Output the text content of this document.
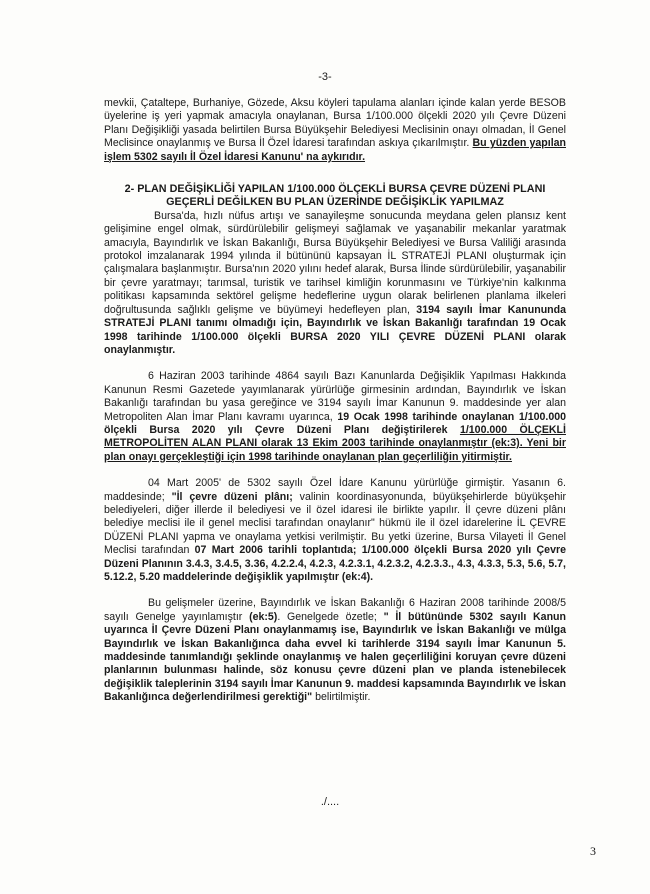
-3-

mevkii, Çataltepe, Burhaniye, Gözede, Aksu köyleri tapulama alanları içinde kalan yerde BESOB üyelerine iş yeri yapmak amacıyla onaylanan, Bursa 1/100.000 ölçekli 2020 yılı Çevre Düzeni Planı Değişikliği yasada belirtilen Bursa Büyükşehir Belediyesi Meclisinin onayı olmadan, İl Genel Meclisince onaylanmış ve Bursa İl Özel İdaresi tarafından askıya çıkarılmıştır. Bu yüzden yapılan işlem 5302 sayılı İl Özel İdaresi Kanunu' na aykırıdır.

2- PLAN DEĞİŞİKLİĞİ YAPILAN 1/100.000 ÖLÇEKLİ BURSA ÇEVRE DÜZENİ PLANI GEÇERLİ DEĞİLKEN BU PLAN ÜZERİNDE DEĞİŞİKLİK YAPILMAZ

Bursa'da, hızlı nüfus artışı ve sanayileşme sonucunda meydana gelen plansız kent gelişimine engel olmak, sürdürülebilir gelişmeyi sağlamak ve yaşanabilir mekanlar yaratmak amacıyla, Bayındırlık ve İskan Bakanlığı, Bursa Büyükşehir Belediyesi ve Bursa Valiliği arasında protokol imzalanarak 1994 yılında il bütününü kapsayan İL STRATEJİ PLANI oluşturmak için çalışmalara başlanmıştır. Bursa'nın 2020 yılını hedef alarak, Bursa İlinde sürdürülebilir, yaşanabilir bir çevre yaratmayı; tarımsal, turistik ve tarihsel kimliğin korunmasını ve Türkiye'nin kalkınma politikası kapsamında sektörel gelişme hedeflerine uygun olarak belirlenen planlama ilkeleri doğrultusunda sağlıklı gelişme ve büyümeyi hedefleyen plan, 3194 sayılı İmar Kanununda STRATEJİ PLANI tanımı olmadığı için, Bayındırlık ve İskan Bakanlığı tarafından 19 Ocak 1998 tarihinde 1/100.000 ölçekli BURSA 2020 YILI ÇEVRE DÜZENİ PLANI olarak onaylanmıştır.

6 Haziran 2003 tarihinde 4864 sayılı Bazı Kanunlarda Değişiklik Yapılması Hakkında Kanunun Resmi Gazetede yayımlanarak yürürlüğe girmesinin ardından, Bayındırlık ve İskan Bakanlığı tarafından bu yasa gereğince ve 3194 sayılı İmar Kanunun 9. maddesinde yer alan Metropoliten Alan İmar Planı kavramı uyarınca, 19 Ocak 1998 tarihinde onaylanan 1/100.000 ölçekli Bursa 2020 yılı Çevre Düzeni Planı değiştirilerek 1/100.000 ÖLÇEKLİ METROPOLİTEN ALAN PLANI olarak 13 Ekim 2003 tarihinde onaylanmıştır (ek:3). Yeni bir plan onayı gerçekleştiği için 1998 tarihinde onaylanan plan geçerliliğin yitirmiştir.

04 Mart 2005' de 5302 sayılı Özel İdare Kanunu yürürlüğe girmiştir. Yasanın 6. maddesinde; "İl çevre düzeni plânı; valinin koordinasyonunda, büyükşehirlerde büyükşehir belediyeleri, diğer illerde il belediyesi ve il özel idaresi ile birlikte yapılır. İl çevre düzeni plânı belediye meclisi ile il genel meclisi tarafından onaylanır" hükmü ile il özel idarelerine İL ÇEVRE DÜZENİ PLANI yapma ve onaylama yetkisi verilmiştir. Bu yetki üzerine, Bursa Vilayeti İl Genel Meclisi tarafından 07 Mart 2006 tarihli toplantıda; 1/100.000 ölçekli Bursa 2020 yılı Çevre Düzeni Planının 3.4.3, 3.4.5, 3.36, 4.2.2.4, 4.2.3, 4.2.3.1, 4.2.3.2, 4.2.3.3., 4.3, 4.3.3, 5.3, 5.6, 5.7, 5.12.2, 5.20 maddelerinde değişiklik yapılmıştır (ek:4).

Bu gelişmeler üzerine, Bayındırlık ve İskan Bakanlığı 6 Haziran 2008 tarihinde 2008/5 sayılı Genelge yayınlamıştır (ek:5). Genelgede özetle; " İl bütününde 5302 sayılı Kanun uyarınca İl Çevre Düzeni Planı onaylanmamış ise, Bayındırlık ve İskan Bakanlığı ve mülga Bayındırlık ve İskan Bakanlığınca daha evvel ki tarihlerde 3194 sayılı İmar Kanunun 5. maddesinde tanımlandığı şeklinde onaylanmış ve halen geçerliliğini koruyan çevre düzeni planlarının bulunması halinde, söz konusu çevre düzeni plan ve planda istenebilecek değişiklik taleplerinin 3194 sayılı İmar Kanunun 9. maddesi kapsamında Bayındırlık ve İskan Bakanlığınca değerlendirilmesi gerektiği" belirtilmiştir.

./....
3
